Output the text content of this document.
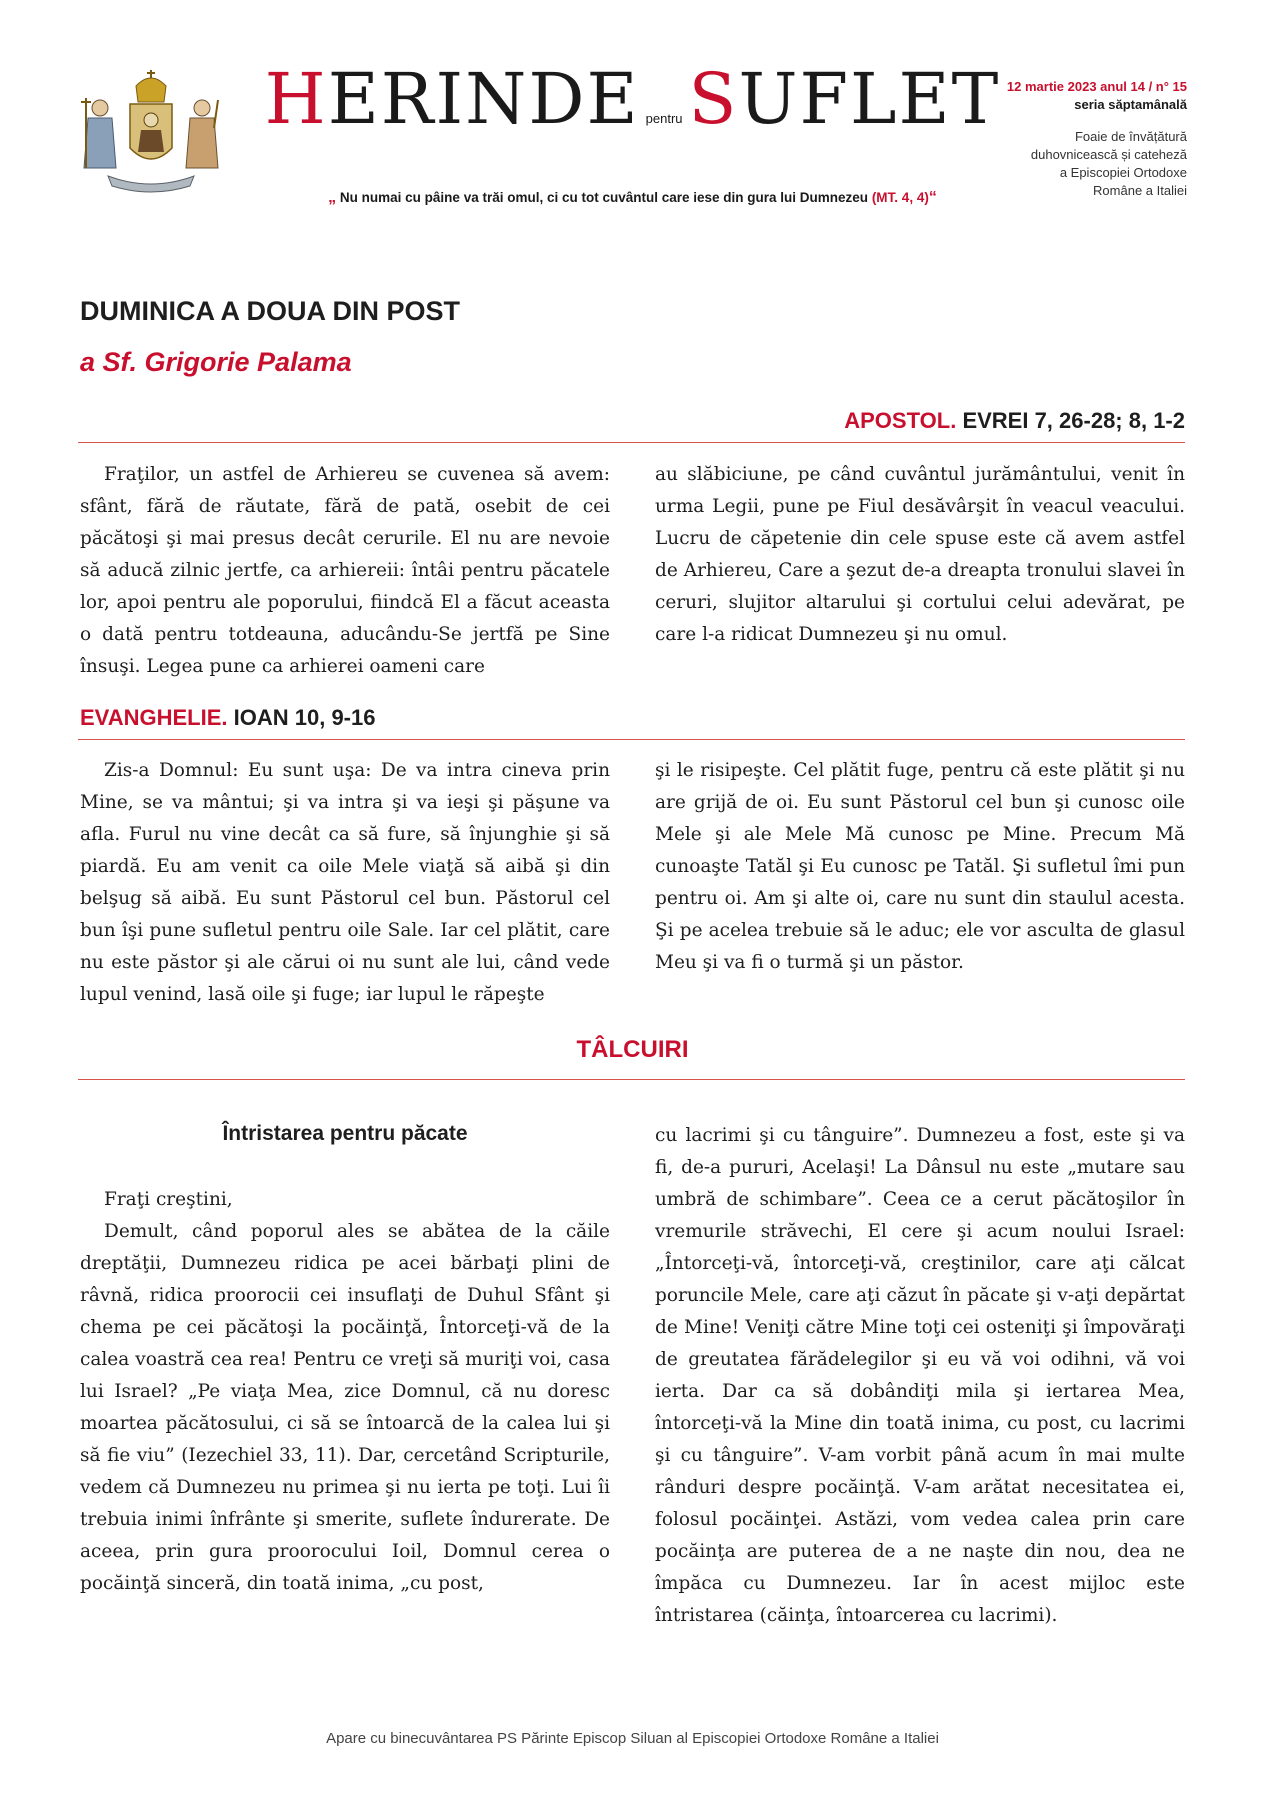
HERINDE pentruSUFLET
„ Nu numai cu pâine va trăi omul, ci cu tot cuvântul care iese din gura lui Dumnezeu (MT. 4, 4)“
12 martie 2023 anul 14 / n° 15
seria săptamânală
Foaie de învățătură
duhovnicească și cateheză
a Episcopiei Ortodoxe
Române a Italiei
DUMINICA A DOUA DIN POST
a Sf. Grigorie Palama
APOSTOL. EVREI 7, 26-28; 8, 1-2

Fraţilor, un astfel de Arhiereu se cuvenea să avem: sfânt, fără de răutate, fără de pată, osebit de cei păcătoşi şi mai presus decât cerurile. El nu are nevoie să aducă zilnic jertfe, ca arhiereii: întâi pentru păcatele lor, apoi pentru ale poporului, fiindcă El a făcut aceasta o dată pentru totdeauna, aducându-Se jertfă pe Sine însuşi. Legea pune ca arhierei oameni care

au slăbiciune, pe când cuvântul jurământului, venit în urma Legii, pune pe Fiul desăvârşit în veacul veacului. Lucru de căpetenie din cele spuse este că avem astfel de Arhiereu, Care a şezut de-a dreapta tronului slavei în ceruri, slujitor altarului şi cortului celui adevărat, pe care l-a ridicat Dumnezeu şi nu omul.

EVANGHELIE. IOAN 10, 9-16

Zis-a Domnul: Eu sunt uşa: De va intra cineva prin Mine, se va mântui; şi va intra şi va ieşi şi păşune va afla. Furul nu vine decât ca să fure, să înjunghie şi să piardă. Eu am venit ca oile Mele viaţă să aibă şi din belşug să aibă. Eu sunt Păstorul cel bun. Păstorul cel bun îşi pune sufletul pentru oile Sale. Iar cel plătit, care nu este păstor şi ale cărui oi nu sunt ale lui, când vede lupul venind, lasă oile şi fuge; iar lupul le răpeşte

şi le risipeşte. Cel plătit fuge, pentru că este plătit şi nu are grijă de oi. Eu sunt Păstorul cel bun şi cunosc oile Mele şi ale Mele Mă cunosc pe Mine. Precum Mă cunoaşte Tatăl şi Eu cunosc pe Tatăl. Şi sufletul îmi pun pentru oi. Am şi alte oi, care nu sunt din staulul acesta. Şi pe acelea trebuie să le aduc; ele vor asculta de glasul Meu şi va fi o turmă şi un păstor.

TÂLCUIRI
Întristarea pentru păcate

Fraţi creştini,

Demult, când poporul ales se abătea de la căile dreptăţii, Dumnezeu ridica pe acei bărbaţi plini de râvnă, ridica proorocii cei insuflaţi de Duhul Sfânt şi chema pe cei păcătoşi la pocăinţă, Întorceţi-vă de la calea voastră cea rea! Pentru ce vreţi să muriţi voi, casa lui Israel? „Pe viaţa Mea, zice Domnul, că nu doresc moartea păcătosului, ci să se întoarcă de la calea lui şi să fie viu” (Iezechiel 33, 11). Dar, cercetând Scripturile, vedem că Dumnezeu nu primea şi nu ierta pe toţi. Lui îi trebuia inimi înfrânte şi smerite, suflete îndurerate. De aceea, prin gura proorocului Ioil, Domnul cerea o pocăinţă sinceră, din toată inima, „cu post,

cu lacrimi şi cu tânguire”. Dumnezeu a fost, este şi va fi, de-a pururi, Acelaşi! La Dânsul nu este „mutare sau umbră de schimbare”. Ceea ce a cerut păcătoşilor în vremurile străvechi, El cere şi acum noului Israel: „Întorceţi-vă, întorceţi-vă, creştinilor, care aţi călcat poruncile Mele, care aţi căzut în păcate şi v-aţi depărtat de Mine! Veniţi către Mine toţi cei osteniţi şi împovăraţi de greutatea fărădelegilor şi eu vă voi odihni, vă voi ierta. Dar ca să dobândiţi mila şi iertarea Mea, întorceţi-vă la Mine din toată inima, cu post, cu lacrimi şi cu tânguire”. V-am vorbit până acum în mai multe rânduri despre pocăinţă. V-am arătat necesitatea ei, folosul pocăinţei. Astăzi, vom vedea calea prin care pocăinţa are puterea de a ne naşte din nou, dea ne împăca cu Dumnezeu. Iar în acest mijloc este întristarea (căinţa, întoarcerea cu lacrimi).

Apare cu binecuvântarea PS Părinte Episcop Siluan al Episcopiei Ortodoxe Române a Italiei
